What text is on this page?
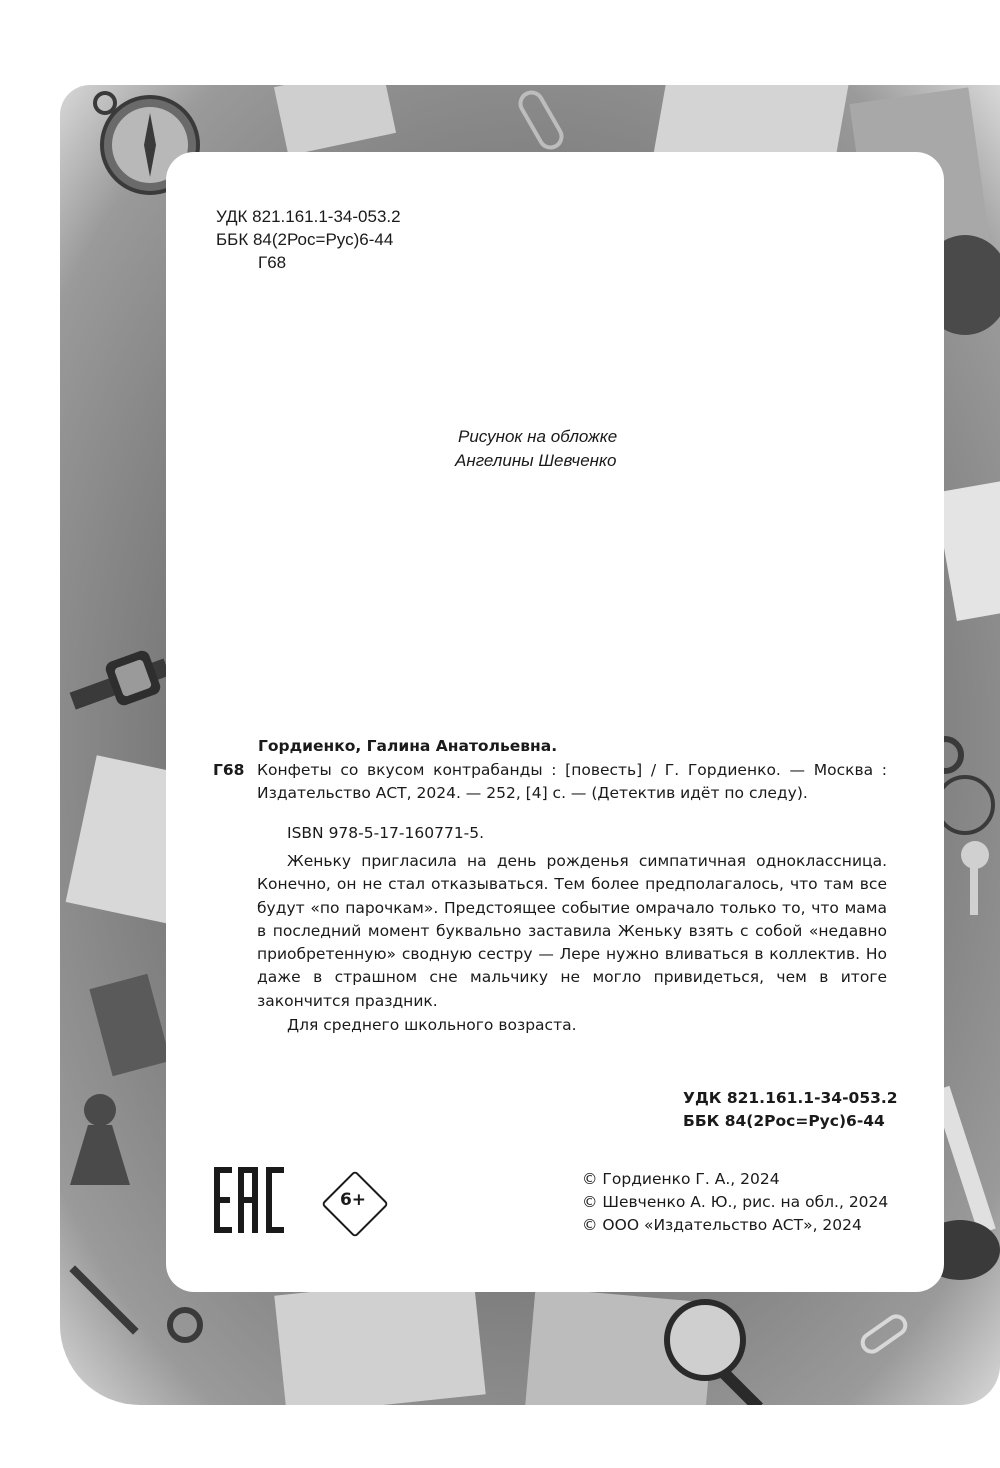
УДК 821.161.1-34-053.2
ББК 84(2Рос=Рус)6-44
Г68
Рисунок на обложке
Ангелины Шевченко
Гордиенко, Галина Анатольевна.
Г68 Конфеты со вкусом контрабанды : [повесть] / Г. Гордиенко. — Москва : Издательство АСТ, 2024. — 252, [4] с. — (Детектив идёт по следу).
ISBN 978-5-17-160771-5.
Женьку пригласила на день рожденья симпатичная одноклассница. Конечно, он не стал отказываться. Тем более предполагалось, что там все будут «по парочкам». Предстоящее событие омрачало только то, что мама в последний момент буквально заставила Женьку взять с собой «недавно приобретенную» сводную сестру — Лере нужно вливаться в коллектив. Но даже в страшном сне мальчику не могло привидеться, чем в итоге закончится праздник.
Для среднего школьного возраста.
УДК 821.161.1-34-053.2
ББК 84(2Рос=Рус)6-44
6+
© Гордиенко Г. А., 2024
© Шевченко А. Ю., рис. на обл., 2024
© ООО «Издательство АСТ», 2024
